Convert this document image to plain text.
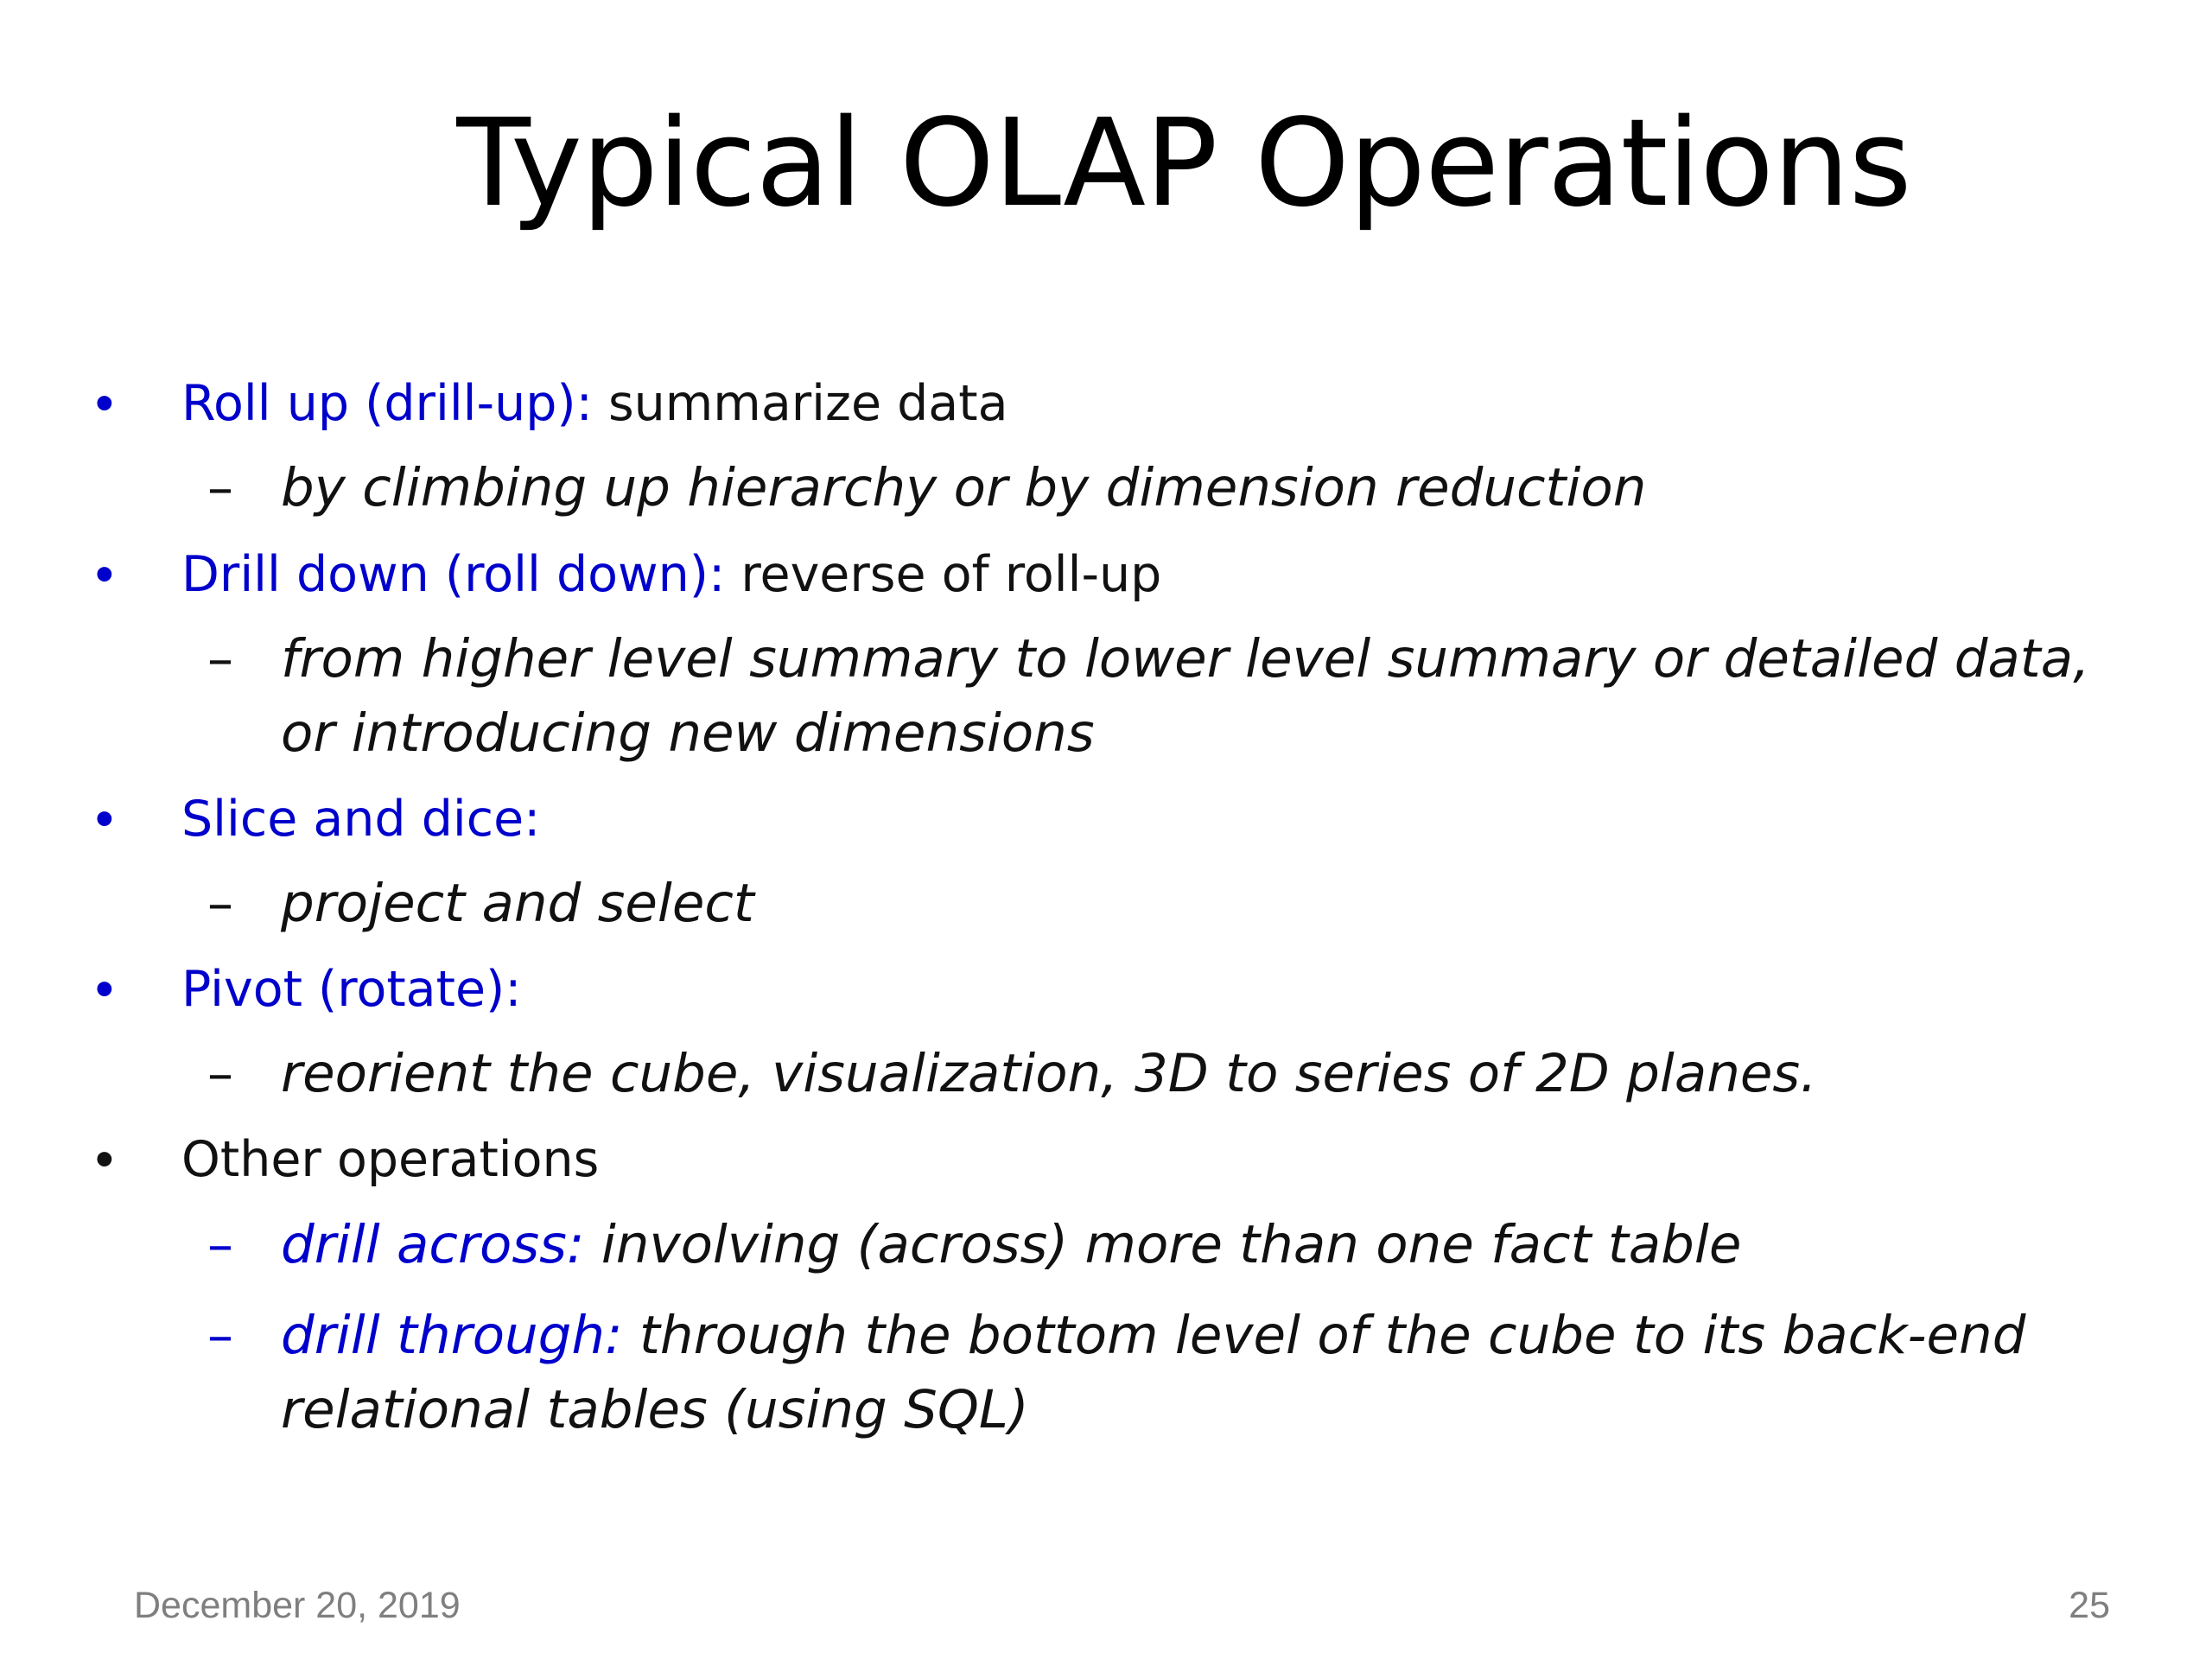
Typical OLAP Operations
• Roll up (drill-up): summarize data
– by climbing up hierarchy or by dimension reduction
• Drill down (roll down): reverse of roll-up
– from higher level summary to lower level summary or detailed data, or introducing new dimensions
• Slice and dice:
– project and select
• Pivot (rotate):
– reorient the cube, visualization, 3D to series of 2D planes.
• Other operations
– drill across: involving (across) more than one fact table
– drill through: through the bottom level of the cube to its back-end relational tables (using SQL)
December 20, 2019	25
